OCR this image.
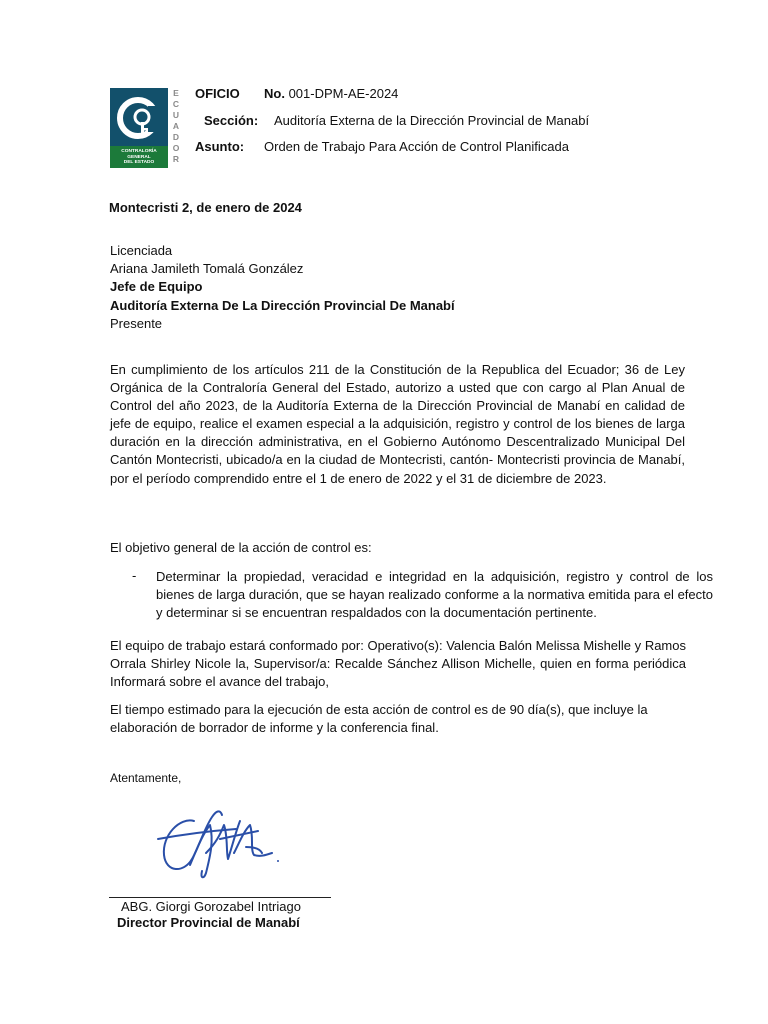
CONTRALORÍA
GENERAL
DEL ESTADO
ECUADOR
OFICIO No. 001-DPM-AE-2024
Sección: Auditoría Externa de la Dirección Provincial de Manabí
Asunto: Orden de Trabajo Para Acción de Control Planificada
Montecristi 2, de enero de 2024
Licenciada
Ariana Jamileth Tomalá González
Jefe de Equipo
Auditoría Externa De La Dirección Provincial De Manabí
Presente

En cumplimiento de los artículos 211 de la Constitución de la Republica del Ecuador; 36 de Ley Orgánica de la Contraloría General del Estado, autorizo a usted que con cargo al Plan Anual de Control del año 2023, de la Auditoría Externa de la Dirección Provincial de Manabí en calidad de jefe de equipo, realice el examen especial a la adquisición, registro y control de los bienes de larga duración en la dirección administrativa, en el Gobierno Autónomo Descentralizado Municipal Del Cantón Montecristi, ubicado/a en la ciudad de Montecristi, cantón- Montecristi provincia de Manabí, por el período comprendido entre el 1 de enero de 2022 y el 31 de diciembre de 2023.

El objetivo general de la acción de control es:
- Determinar la propiedad, veracidad e integridad en la adquisición, registro y control de los bienes de larga duración, que se hayan realizado conforme a la normativa emitida para el efecto y determinar si se encuentran respaldados con la documentación pertinente.

El equipo de trabajo estará conformado por: Operativo(s): Valencia Balón Melissa Mishelle y Ramos Orrala Shirley Nicole la, Supervisor/a: Recalde Sánchez Allison Michelle, quien en forma periódica Informará sobre el avance del trabajo,

El tiempo estimado para la ejecución de esta acción de control es de 90 día(s), que incluye la elaboración de borrador de informe y la conferencia final.

Atentamente,
ABG. Giorgi Gorozabel Intriago
Director Provincial de Manabí
